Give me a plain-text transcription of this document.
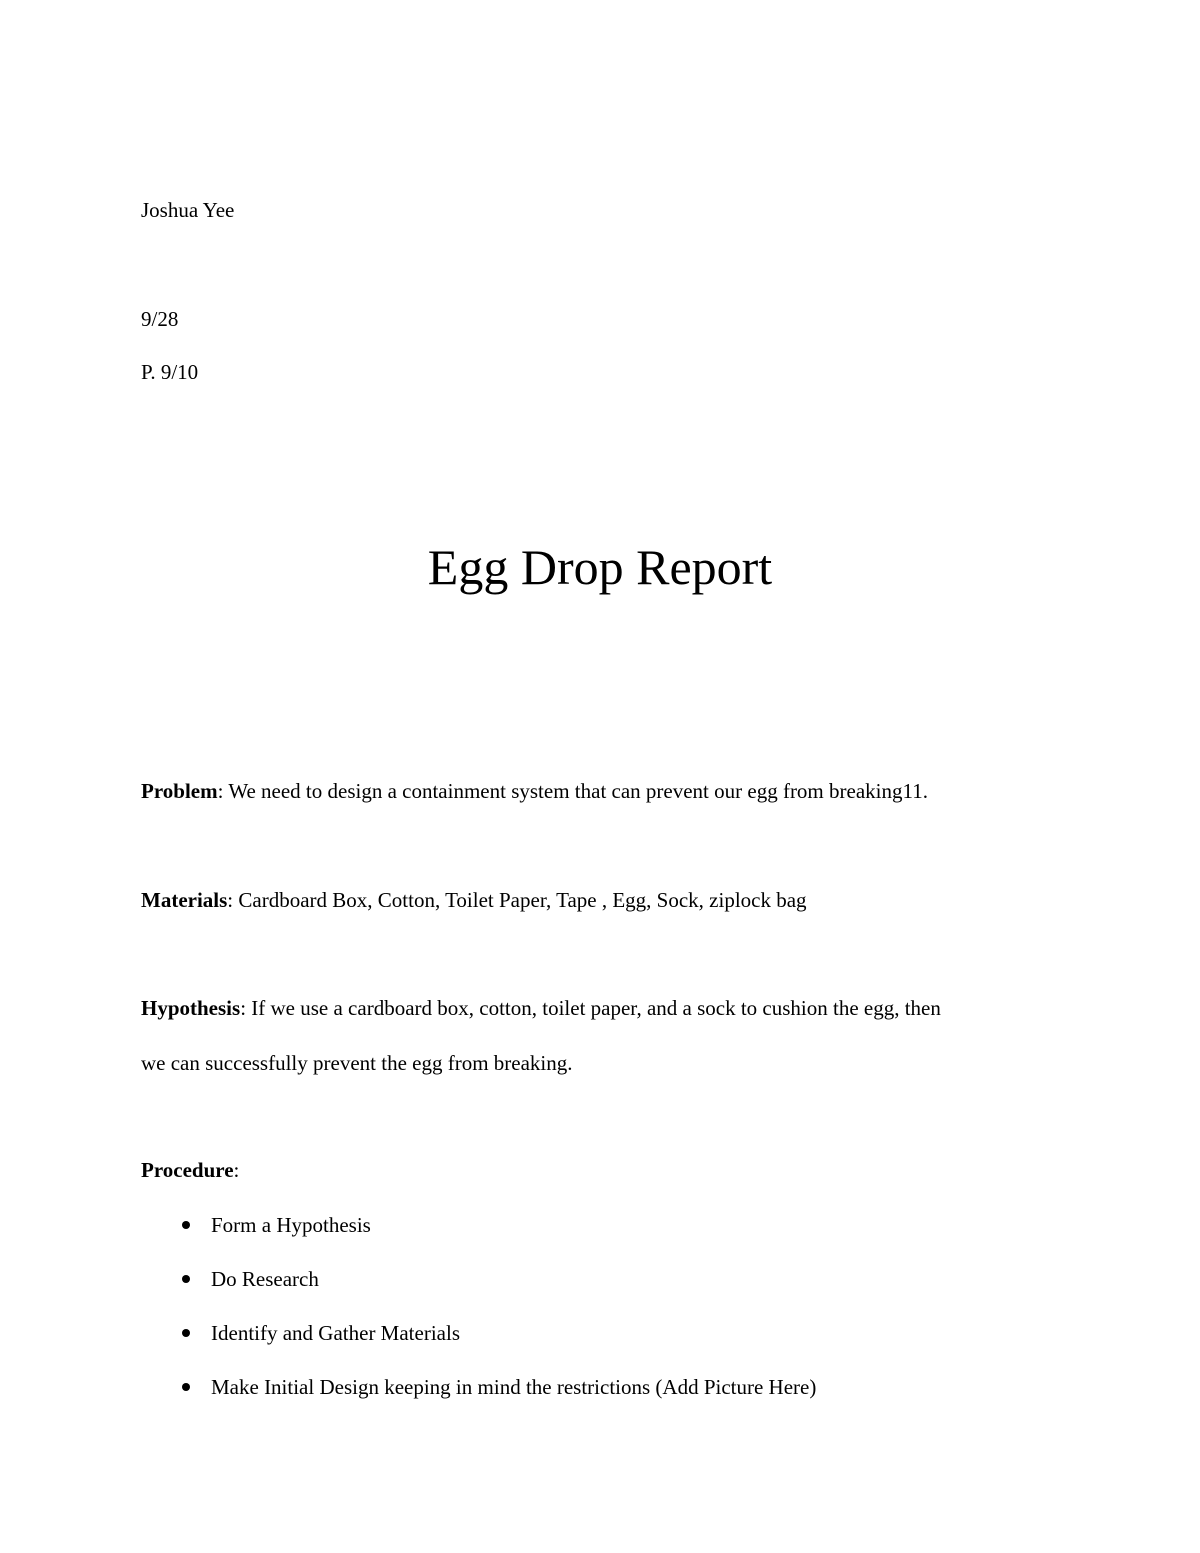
Joshua Yee
9/28
P. 9/10
Egg Drop Report
Problem: We need to design a containment system that can prevent our egg from breaking11.
Materials: Cardboard Box, Cotton, Toilet Paper, Tape , Egg, Sock, ziplock bag
Hypothesis: If we use a cardboard box, cotton, toilet paper, and a sock to cushion the egg, then
we can successfully prevent the egg from breaking.
Procedure:
Form a Hypothesis
Do Research
Identify and Gather Materials
Make Initial Design keeping in mind the restrictions (Add Picture Here)
